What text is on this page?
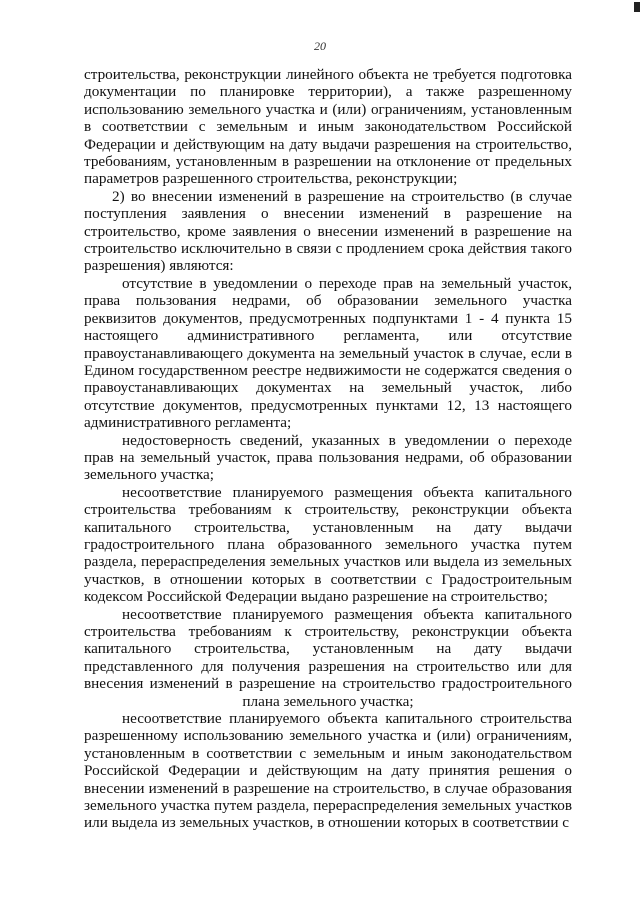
20

строительства, реконструкции линейного объекта не требуется подготовка документации по планировке территории), а также разрешенному использованию земельного участка и (или) ограничениям, установленным в соответствии с земельным и иным законодательством Российской Федерации и действующим на дату выдачи разрешения на строительство, требованиям, установленным в разрешении на отклонение от предельных параметров разрешенного строительства, реконструкции;

2) во внесении изменений в разрешение на строительство (в случае поступления заявления о внесении изменений в разрешение на строительство, кроме заявления о внесении изменений в разрешение на строительство исключительно в связи с продлением срока действия такого разрешения) являются:

отсутствие в уведомлении о переходе прав на земельный участок, права пользования недрами, об образовании земельного участка реквизитов документов, предусмотренных подпунктами 1 - 4 пункта 15 настоящего административного регламента, или отсутствие правоустанавливающего документа на земельный участок в случае, если в Едином государственном реестре недвижимости не содержатся сведения о правоустанавливающих документах на земельный участок, либо отсутствие документов, предусмотренных пунктами 12, 13 настоящего административного регламента;

недостоверность сведений, указанных в уведомлении о переходе прав на земельный участок, права пользования недрами, об образовании земельного участка;

несоответствие планируемого размещения объекта капитального строительства требованиям к строительству, реконструкции объекта капитального строительства, установленным на дату выдачи градостроительного плана образованного земельного участка путем раздела, перераспределения земельных участков или выдела из земельных участков, в отношении которых в соответствии с Градостроительным кодексом Российской Федерации выдано разрешение на строительство;

несоответствие планируемого размещения объекта капитального строительства требованиям к строительству, реконструкции объекта капитального строительства, установленным на дату выдачи представленного для получения разрешения на строительство или для внесения изменений в разрешение на строительство градостроительного плана земельного участка;

несоответствие планируемого объекта капитального строительства разрешенному использованию земельного участка и (или) ограничениям, установленным в соответствии с земельным и иным законодательством Российской Федерации и действующим на дату принятия решения о внесении изменений в разрешение на строительство, в случае образования земельного участка путем раздела, перераспределения земельных участков или выдела из земельных участков, в отношении которых в соответствии с
